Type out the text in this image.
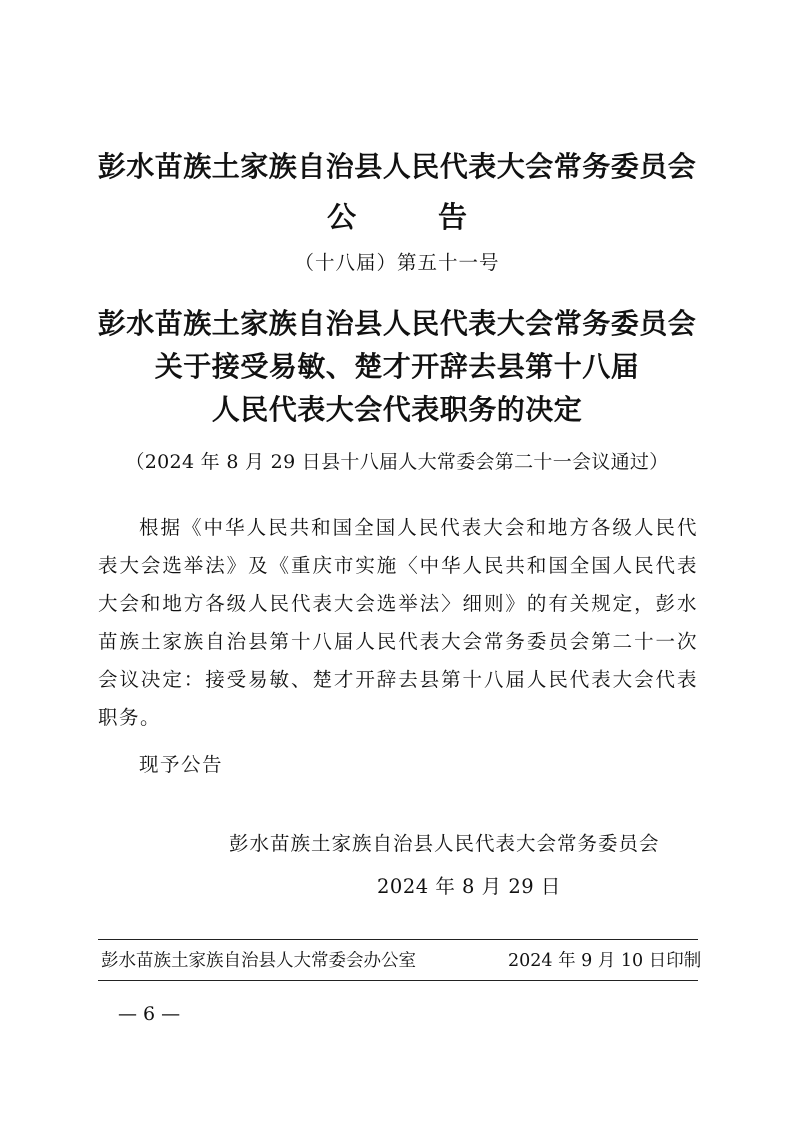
彭水苗族土家族自治县人民代表大会常务委员会
公 告
（十八届）第五十一号
彭水苗族土家族自治县人民代表大会常务委员会
关于接受易敏、楚才开辞去县第十八届
人民代表大会代表职务的决定
（2024 年 8 月 29 日县十八届人大常委会第二十一会议通过）

根据《中华人民共和国全国人民代表大会和地方各级人民代表大会选举法》及《重庆市实施〈中华人民共和国全国人民代表大会和地方各级人民代表大会选举法〉细则》的有关规定，彭水苗族土家族自治县第十八届人民代表大会常务委员会第二十一次会议决定：接受易敏、楚才开辞去县第十八届人民代表大会代表职务。

现予公告

彭水苗族土家族自治县人民代表大会常务委员会
2024 年 8 月 29 日
彭水苗族土家族自治县人大常委会办公室	2024 年 9 月 10 日印制
— 6 —
